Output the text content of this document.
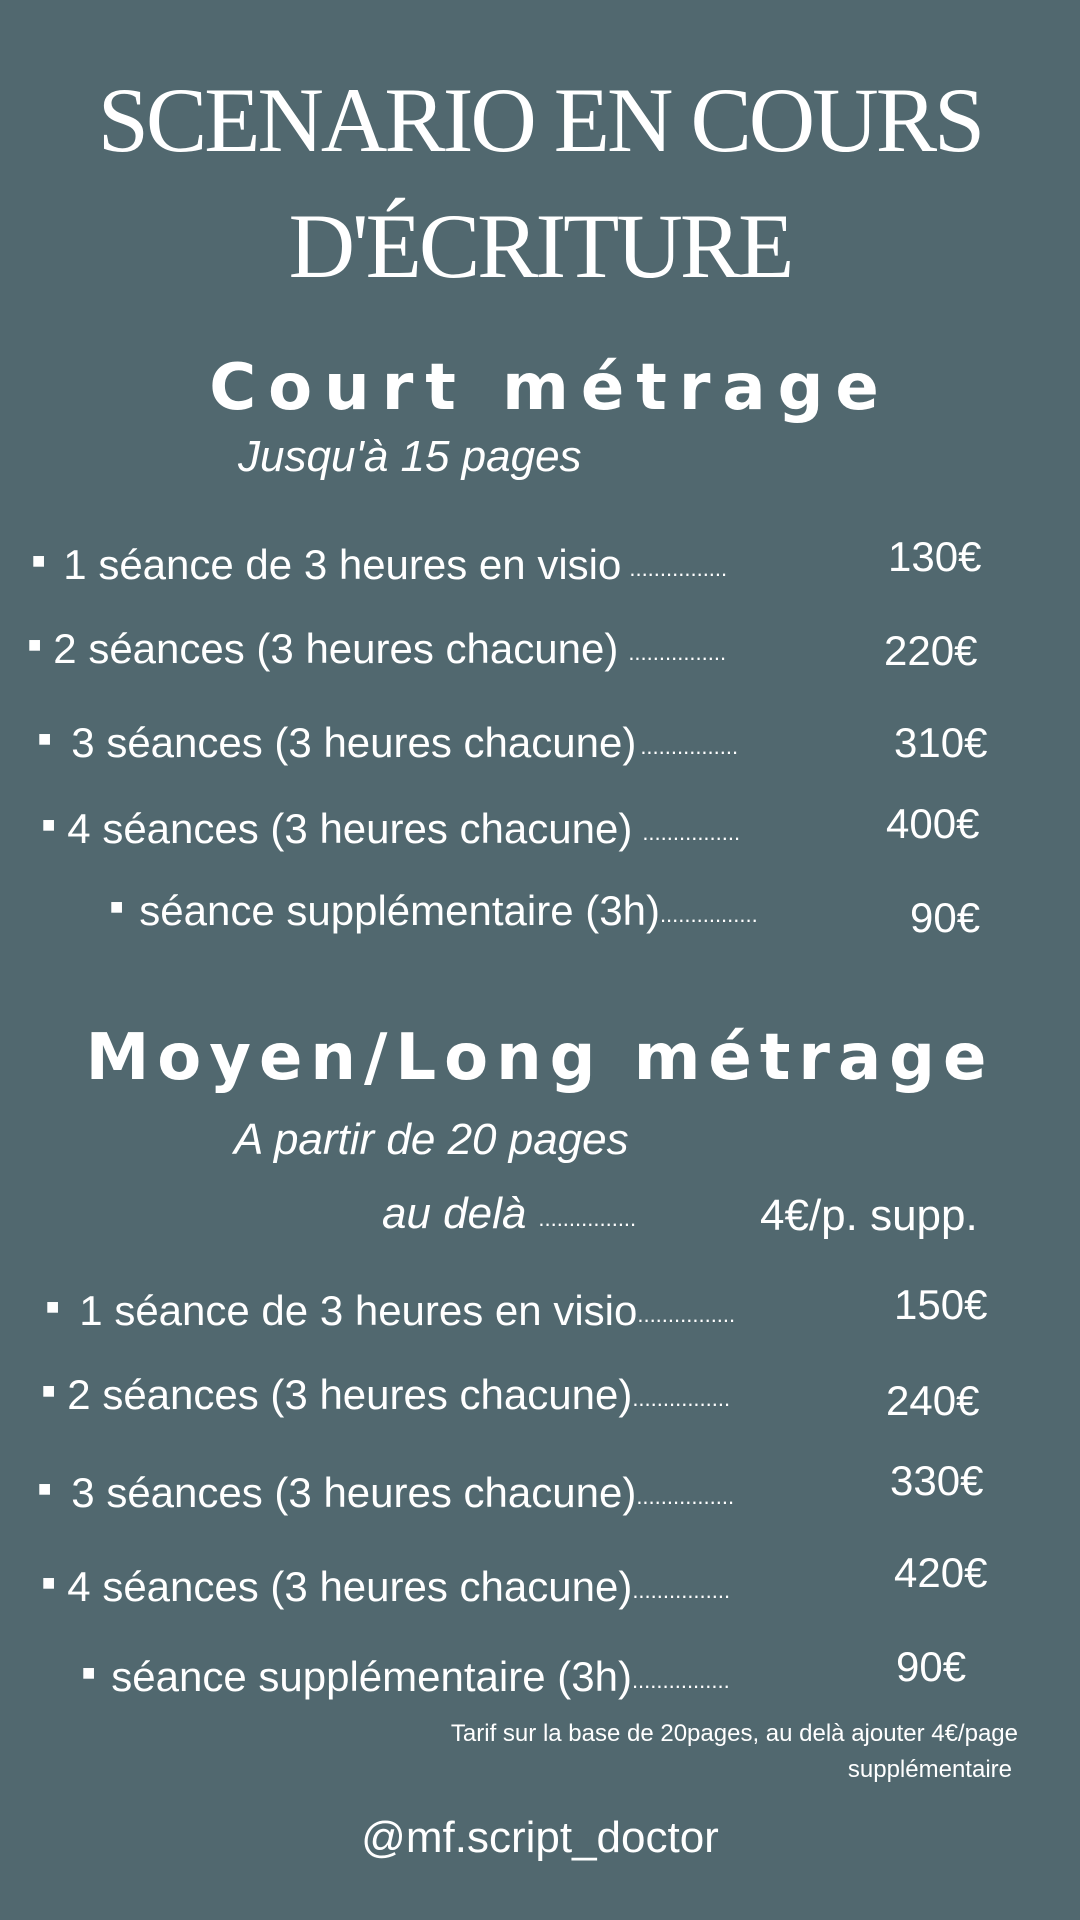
SCENARIO EN COURS
D'ÉCRITURE
Court métrage
Jusqu'à 15 pages
■ 1 séance de 3 heures en visio ................	130€
■ 2 séances (3 heures chacune) ................	220€
■ 3 séances (3 heures chacune) ................	310€
■ 4 séances (3 heures chacune) ................	400€
■ séance supplémentaire (3h) ................	90€
Moyen/Long métrage
A partir de 20 pages
au delà ................	4€/p. supp.
■ 1 séance de 3 heures en visio ................	150€
■ 2 séances (3 heures chacune) ................	240€
■ 3 séances (3 heures chacune) ................	330€
■ 4 séances (3 heures chacune) ................	420€
■ séance supplémentaire (3h) ................	90€
Tarif sur la base de 20pages, au delà ajouter 4€/page
supplémentaire
@mf.script_doctor
